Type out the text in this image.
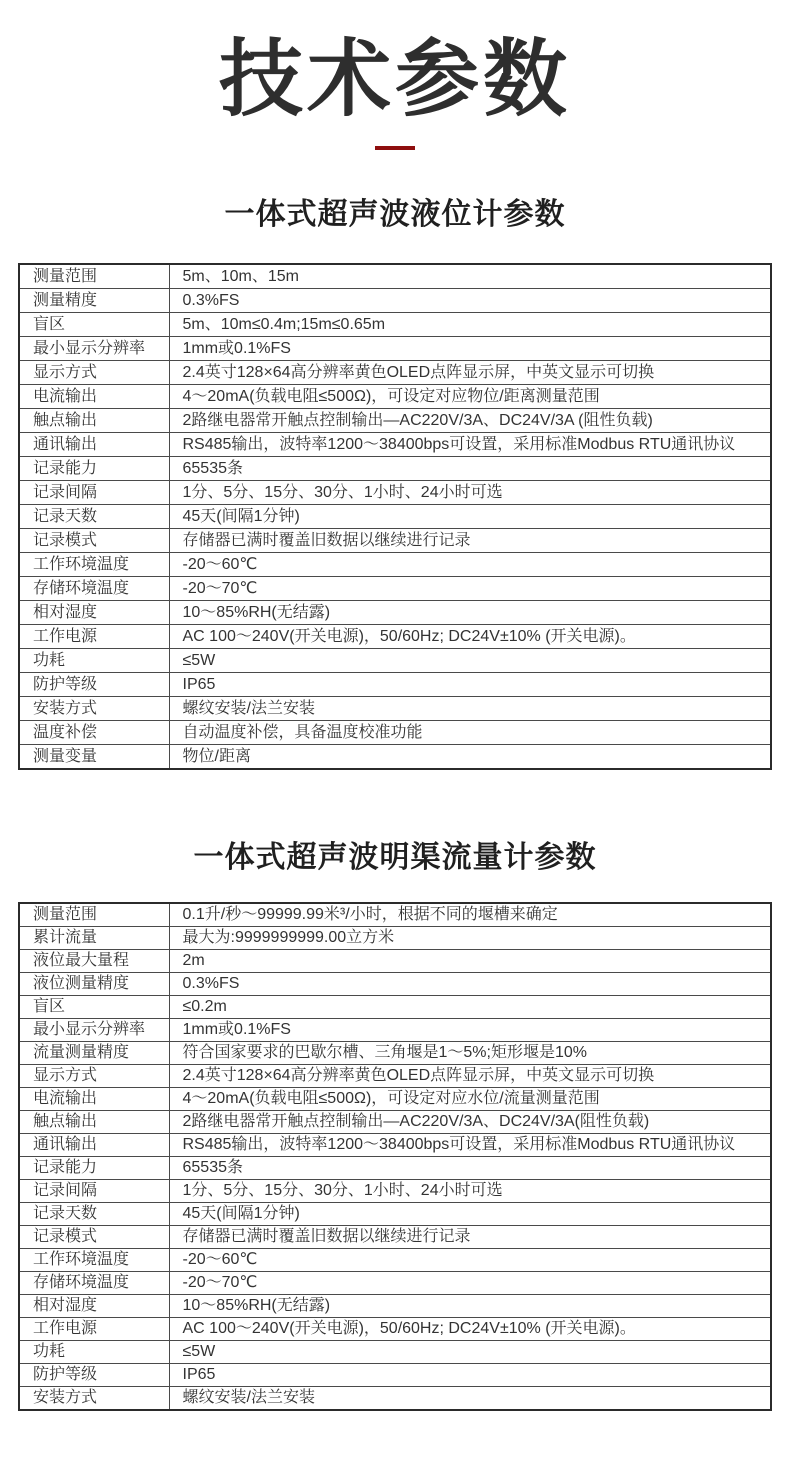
技术参数
一体式超声波液位计参数
测量范围	5m、10m、15m
测量精度	0.3%FS
盲区	5m、10m≤0.4m;15m≤0.65m
最小显示分辨率	1mm或0.1%FS
显示方式	2.4英寸128×64高分辨率黄色OLED点阵显示屏，中英文显示可切换
电流输出	4～20mA(负载电阻≤500Ω)，可设定对应物位/距离测量范围
触点输出	2路继电器常开触点控制输出—AC220V/3A、DC24V/3A (阻性负载)
通讯输出	RS485输出，波特率1200～38400bps可设置，采用标准Modbus RTU通讯协议
记录能力	65535条
记录间隔	1分、5分、15分、30分、1小时、24小时可选
记录天数	45天(间隔1分钟)
记录模式	存储器已满时覆盖旧数据以继续进行记录
工作环境温度	-20～60℃
存储环境温度	-20～70℃
相对湿度	10～85%RH(无结露)
工作电源	AC 100～240V(开关电源)，50/60Hz; DC24V±10% (开关电源)。
功耗	≤5W
防护等级	IP65
安装方式	螺纹安装/法兰安装
温度补偿	自动温度补偿，具备温度校准功能
测量变量	物位/距离
一体式超声波明渠流量计参数
测量范围	0.1升/秒～99999.99米³/小时，根据不同的堰槽来确定
累计流量	最大为:9999999999.00立方米
液位最大量程	2m
液位测量精度	0.3%FS
盲区	≤0.2m
最小显示分辨率	1mm或0.1%FS
流量测量精度	符合国家要求的巴歇尔槽、三角堰是1～5%;矩形堰是10%
显示方式	2.4英寸128×64高分辨率黄色OLED点阵显示屏，中英文显示可切换
电流输出	4～20mA(负载电阻≤500Ω)，可设定对应水位/流量测量范围
触点输出	2路继电器常开触点控制输出—AC220V/3A、DC24V/3A(阻性负载)
通讯输出	RS485输出，波特率1200～38400bps可设置，采用标准Modbus RTU通讯协议
记录能力	65535条
记录间隔	1分、5分、15分、30分、1小时、24小时可选
记录天数	45天(间隔1分钟)
记录模式	存储器已满时覆盖旧数据以继续进行记录
工作环境温度	-20～60℃
存储环境温度	-20～70℃
相对湿度	10～85%RH(无结露)
工作电源	AC 100～240V(开关电源)，50/60Hz; DC24V±10% (开关电源)。
功耗	≤5W
防护等级	IP65
安装方式	螺纹安装/法兰安装
